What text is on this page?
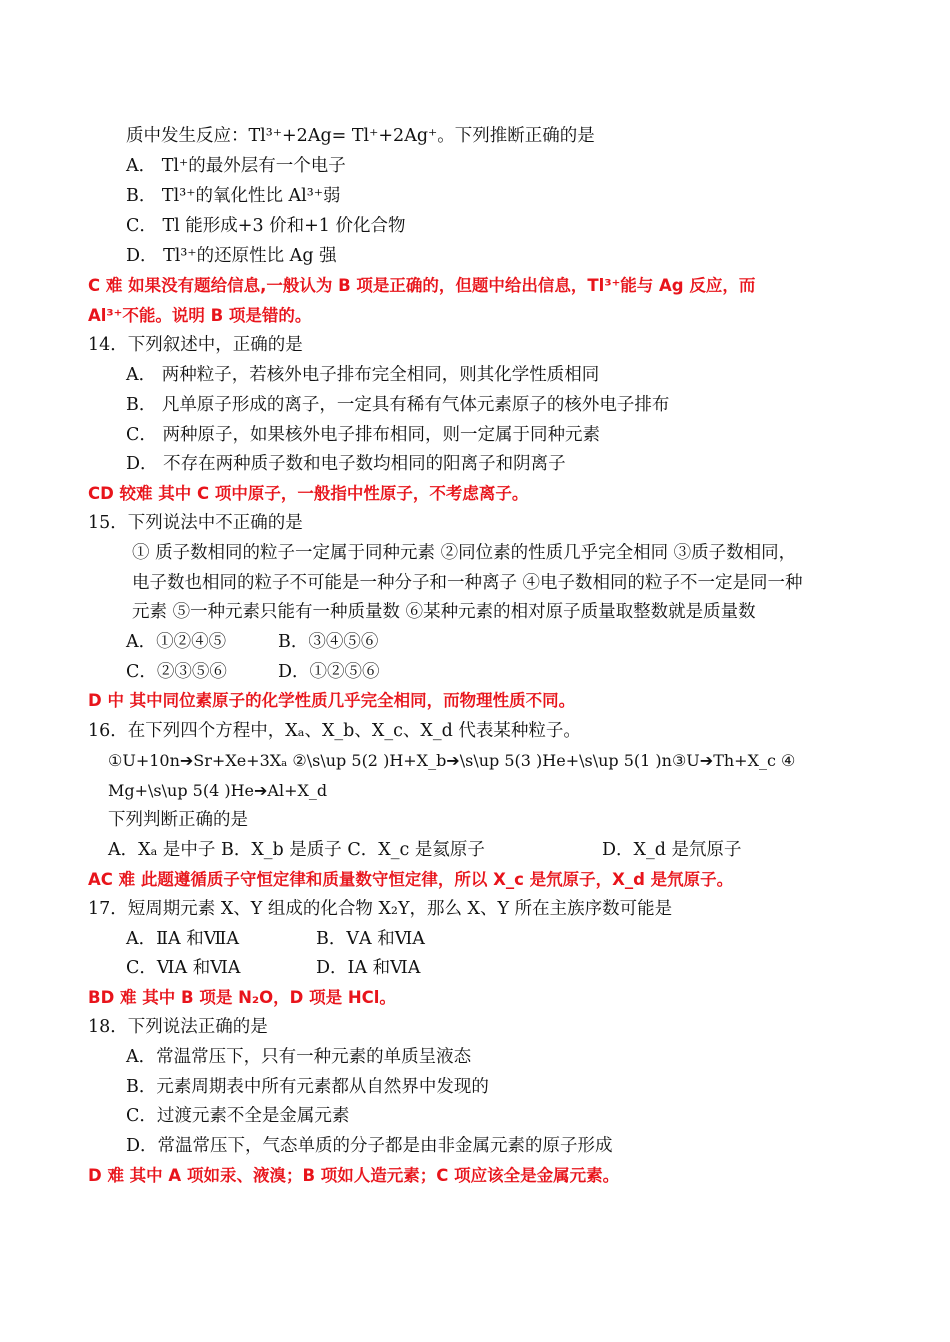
质中发生反应：Tl³⁺+2Ag= Tl⁺+2Ag⁺。下列推断正确的是
A． Tl⁺的最外层有一个电子
B． Tl³⁺的氧化性比 Al³⁺弱
C． Tl 能形成+3 价和+1 价化合物
D． Tl³⁺的还原性比 Ag 强
C 难 如果没有题给信息,一般认为 B 项是正确的，但题中给出信息，Tl³⁺能与 Ag 反应，而
Al³⁺不能。说明 B 项是错的。
14．下列叙述中，正确的是
A． 两种粒子，若核外电子排布完全相同，则其化学性质相同
B． 凡单原子形成的离子，一定具有稀有气体元素原子的核外电子排布
C． 两种原子，如果核外电子排布相同，则一定属于同种元素
D． 不存在两种质子数和电子数均相同的阳离子和阴离子
CD 较难 其中 C 项中原子，一般指中性原子，不考虑离子。
15．下列说法中不正确的是
① 质子数相同的粒子一定属于同种元素 ②同位素的性质几乎完全相同 ③质子数相同，
电子数也相同的粒子不可能是一种分子和一种离子 ④电子数相同的粒子不一定是同一种
元素 ⑤一种元素只能有一种质量数 ⑥某种元素的相对原子质量取整数就是质量数
A．①②④⑤	B．③④⑤⑥
C．②③⑤⑥	D．①②⑤⑥
D 中 其中同位素原子的化学性质几乎完全相同，而物理性质不同。
16．在下列四个方程中，Xₐ、X_b、X_c、X_d 代表某种粒子。
①U+10n➔Sr+Xe+3Xₐ ②\s\up 5(2 )H+X_b➔\s\up 5(3 )He+\s\up 5(1 )n③U➔Th+X_c ④
Mg+\s\up 5(4 )He➔Al+X_d
下列判断正确的是
A．Xₐ 是中子 B．X_b 是质子 C．X_c 是氦原子	D．X_d 是氘原子
AC 难 此题遵循质子守恒定律和质量数守恒定律，所以 X_c 是氘原子，X_d 是氘原子。
17．短周期元素 X、Y 组成的化合物 X₂Y，那么 X、Y 所在主族序数可能是
A．ⅡA 和ⅦA	B．ⅤA 和ⅥA
C．ⅥA 和ⅥA	D．ⅠA 和ⅥA
BD 难 其中 B 项是 N₂O，D 项是 HCl。
18．下列说法正确的是
A．常温常压下，只有一种元素的单质呈液态
B．元素周期表中所有元素都从自然界中发现的
C．过渡元素不全是金属元素
D．常温常压下，气态单质的分子都是由非金属元素的原子形成
D 难 其中 A 项如汞、液溴；B 项如人造元素；C 项应该全是金属元素。
